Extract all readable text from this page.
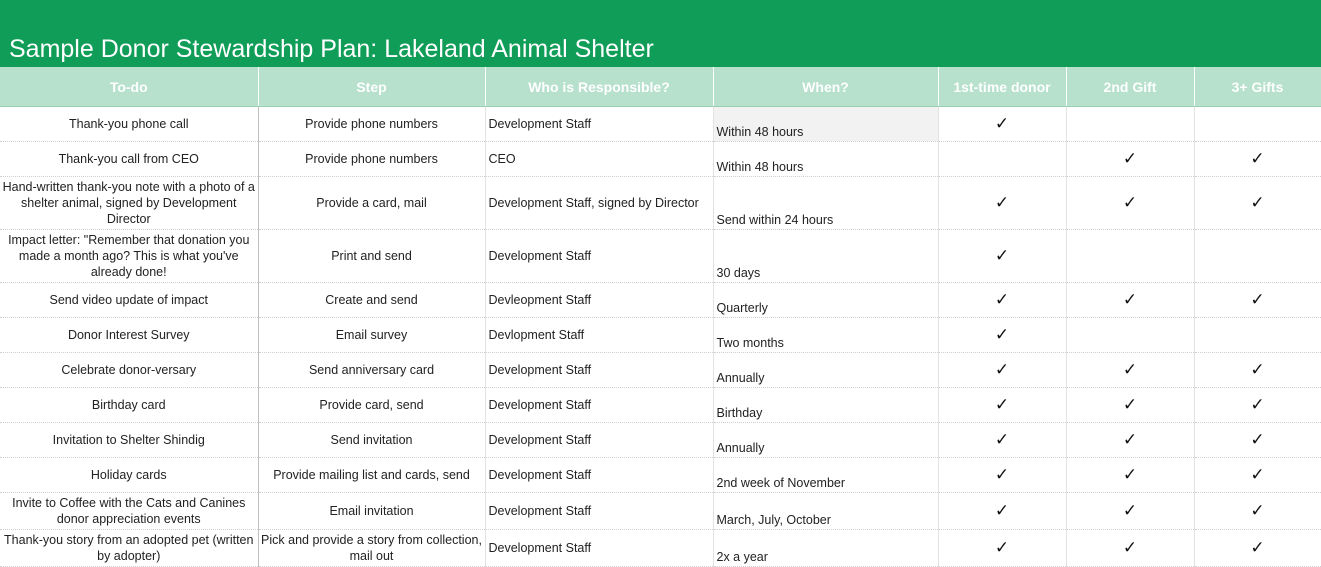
Sample Donor Stewardship Plan: Lakeland Animal Shelter
To-do	Step	Who is Responsible?	When?	1st-time donor	2nd Gift	3+ Gifts
Thank-you phone call	Provide phone numbers	Development Staff	Within 48 hours	✓		
Thank-you call from CEO	Provide phone numbers	CEO	Within 48 hours		✓	✓
Hand-written thank-you note with a photo of a shelter animal, signed by Development Director	Provide a card, mail	Development Staff, signed by Director	Send within 24 hours	✓	✓	✓
Impact letter: "Remember that donation you made a month ago? This is what you've already done!	Print and send	Development Staff	30 days	✓		
Send video update of impact	Create and send	Devleopment Staff	Quarterly	✓	✓	✓
Donor Interest Survey	Email survey	Devlopment Staff	Two months	✓		
Celebrate donor-versary	Send anniversary card	Development Staff	Annually	✓	✓	✓
Birthday card	Provide card, send	Development Staff	Birthday	✓	✓	✓
Invitation to Shelter Shindig	Send invitation	Development Staff	Annually	✓	✓	✓
Holiday cards	Provide mailing list and cards, send	Development Staff	2nd week of November	✓	✓	✓
Invite to Coffee with the Cats and Canines donor appreciation events	Email invitation	Development Staff	March, July, October	✓	✓	✓
Thank-you story from an adopted pet (written by adopter)	Pick and provide a story from collection, mail out	Development Staff	2x a year	✓	✓	✓
